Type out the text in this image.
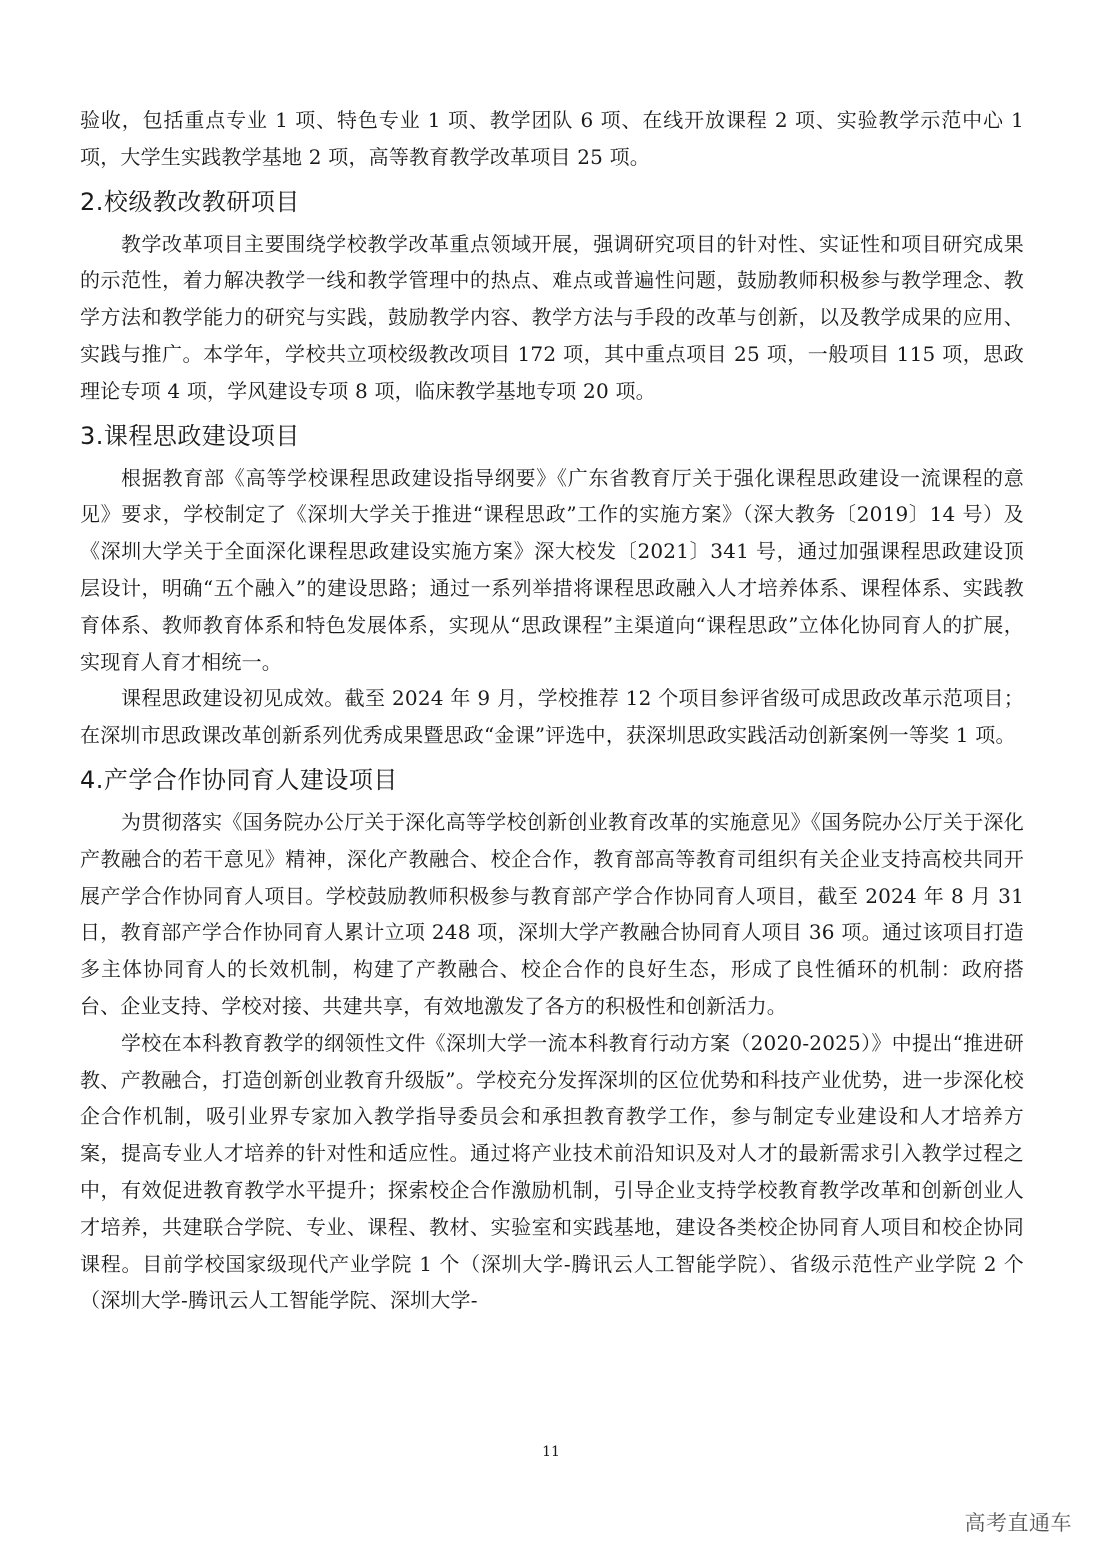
验收，包括重点专业 1 项、特色专业 1 项、教学团队 6 项、在线开放课程 2 项、实验教学示范中心 1 项，大学生实践教学基地 2 项，高等教育教学改革项目 25 项。

2.校级教改教研项目

教学改革项目主要围绕学校教学改革重点领域开展，强调研究项目的针对性、实证性和项目研究成果的示范性，着力解决教学一线和教学管理中的热点、难点或普遍性问题，鼓励教师积极参与教学理念、教学方法和教学能力的研究与实践，鼓励教学内容、教学方法与手段的改革与创新，以及教学成果的应用、实践与推广。本学年，学校共立项校级教改项目 172 项，其中重点项目 25 项，一般项目 115 项，思政理论专项 4 项，学风建设专项 8 项，临床教学基地专项 20 项。

3.课程思政建设项目

根据教育部《高等学校课程思政建设指导纲要》《广东省教育厅关于强化课程思政建设一流课程的意见》要求，学校制定了《深圳大学关于推进“课程思政”工作的实施方案》（深大教务〔2019〕14 号）及《深圳大学关于全面深化课程思政建设实施方案》深大校发〔2021〕341 号，通过加强课程思政建设顶层设计，明确“五个融入”的建设思路；通过一系列举措将课程思政融入人才培养体系、课程体系、实践教育体系、教师教育体系和特色发展体系，实现从“思政课程”主渠道向“课程思政”立体化协同育人的扩展，实现育人育才相统一。

课程思政建设初见成效。截至 2024 年 9 月，学校推荐 12 个项目参评省级可成思政改革示范项目；在深圳市思政课改革创新系列优秀成果暨思政“金课”评选中，获深圳思政实践活动创新案例一等奖 1 项。

4.产学合作协同育人建设项目

为贯彻落实《国务院办公厅关于深化高等学校创新创业教育改革的实施意见》《国务院办公厅关于深化产教融合的若干意见》精神，深化产教融合、校企合作，教育部高等教育司组织有关企业支持高校共同开展产学合作协同育人项目。学校鼓励教师积极参与教育部产学合作协同育人项目，截至 2024 年 8 月 31 日，教育部产学合作协同育人累计立项 248 项，深圳大学产教融合协同育人项目 36 项。通过该项目打造多主体协同育人的长效机制，构建了产教融合、校企合作的良好生态，形成了良性循环的机制：政府搭台、企业支持、学校对接、共建共享，有效地激发了各方的积极性和创新活力。

学校在本科教育教学的纲领性文件《深圳大学一流本科教育行动方案（2020-2025）》中提出“推进研教、产教融合，打造创新创业教育升级版”。学校充分发挥深圳的区位优势和科技产业优势，进一步深化校企合作机制，吸引业界专家加入教学指导委员会和承担教育教学工作，参与制定专业建设和人才培养方案，提高专业人才培养的针对性和适应性。通过将产业技术前沿知识及对人才的最新需求引入教学过程之中，有效促进教育教学水平提升；探索校企合作激励机制，引导企业支持学校教育教学改革和创新创业人才培养，共建联合学院、专业、课程、教材、实验室和实践基地，建设各类校企协同育人项目和校企协同课程。目前学校国家级现代产业学院 1 个（深圳大学-腾讯云人工智能学院）、省级示范性产业学院 2 个（深圳大学-腾讯云人工智能学院、深圳大学-

11
高考直通车
